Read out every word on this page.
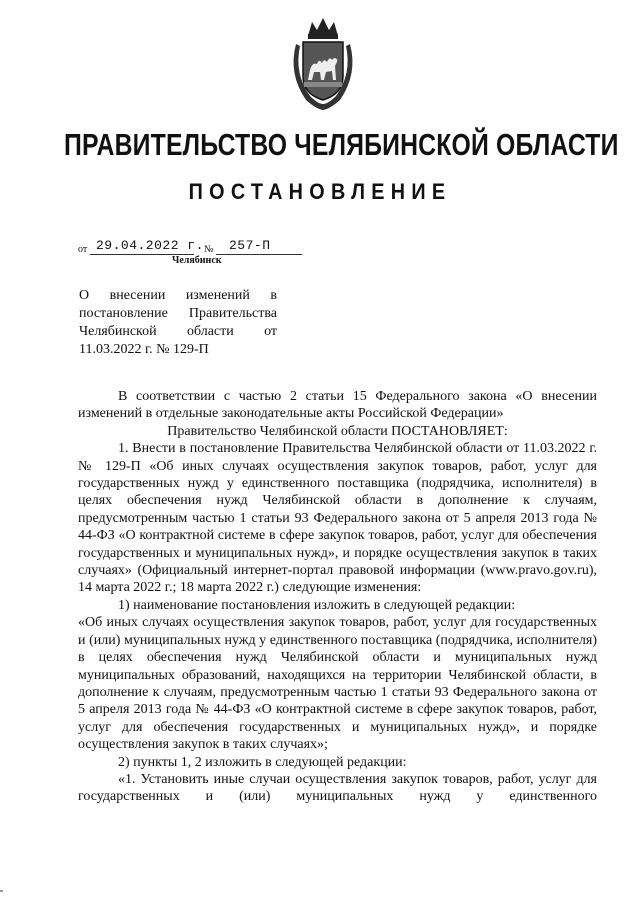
ПРАВИТЕЛЬСТВО ЧЕЛЯБИНСКОЙ ОБЛАСТИ
ПОСТАНОВЛЕНИЕ
от 29.04.2022 г. № 257-П
Челябинск
О внесении изменений в постановление Правительства Челябинской области от 11.03.2022 г. № 129-П

В соответствии с частью 2 статьи 15 Федерального закона «О внесении изменений в отдельные законодательные акты Российской Федерации»

Правительство Челябинской области ПОСТАНОВЛЯЕТ:

1. Внести в постановление Правительства Челябинской области от 11.03.2022 г. № 129-П «Об иных случаях осуществления закупок товаров, работ, услуг для государственных нужд у единственного поставщика (подрядчика, исполнителя) в целях обеспечения нужд Челябинской области в дополнение к случаям, предусмотренным частью 1 статьи 93 Федерального закона от 5 апреля 2013 года № 44-ФЗ «О контрактной системе в сфере закупок товаров, работ, услуг для обеспечения государственных и муниципальных нужд», и порядке осуществления закупок в таких случаях» (Официальный интернет-портал правовой информации (www.pravo.gov.ru), 14 марта 2022 г.; 18 марта 2022 г.) следующие изменения:

1) наименование постановления изложить в следующей редакции:

«Об иных случаях осуществления закупок товаров, работ, услуг для государственных и (или) муниципальных нужд у единственного поставщика (подрядчика, исполнителя) в целях обеспечения нужд Челябинской области и муниципальных нужд муниципальных образований, находящихся на территории Челябинской области, в дополнение к случаям, предусмотренным частью 1 статьи 93 Федерального закона от 5 апреля 2013 года № 44-ФЗ «О контрактной системе в сфере закупок товаров, работ, услуг для обеспечения государственных и муниципальных нужд», и порядке осуществления закупок в таких случаях»;

2) пункты 1, 2 изложить в следующей редакции:

«1. Установить иные случаи осуществления закупок товаров, работ, услуг для государственных и (или) муниципальных нужд у единственного
